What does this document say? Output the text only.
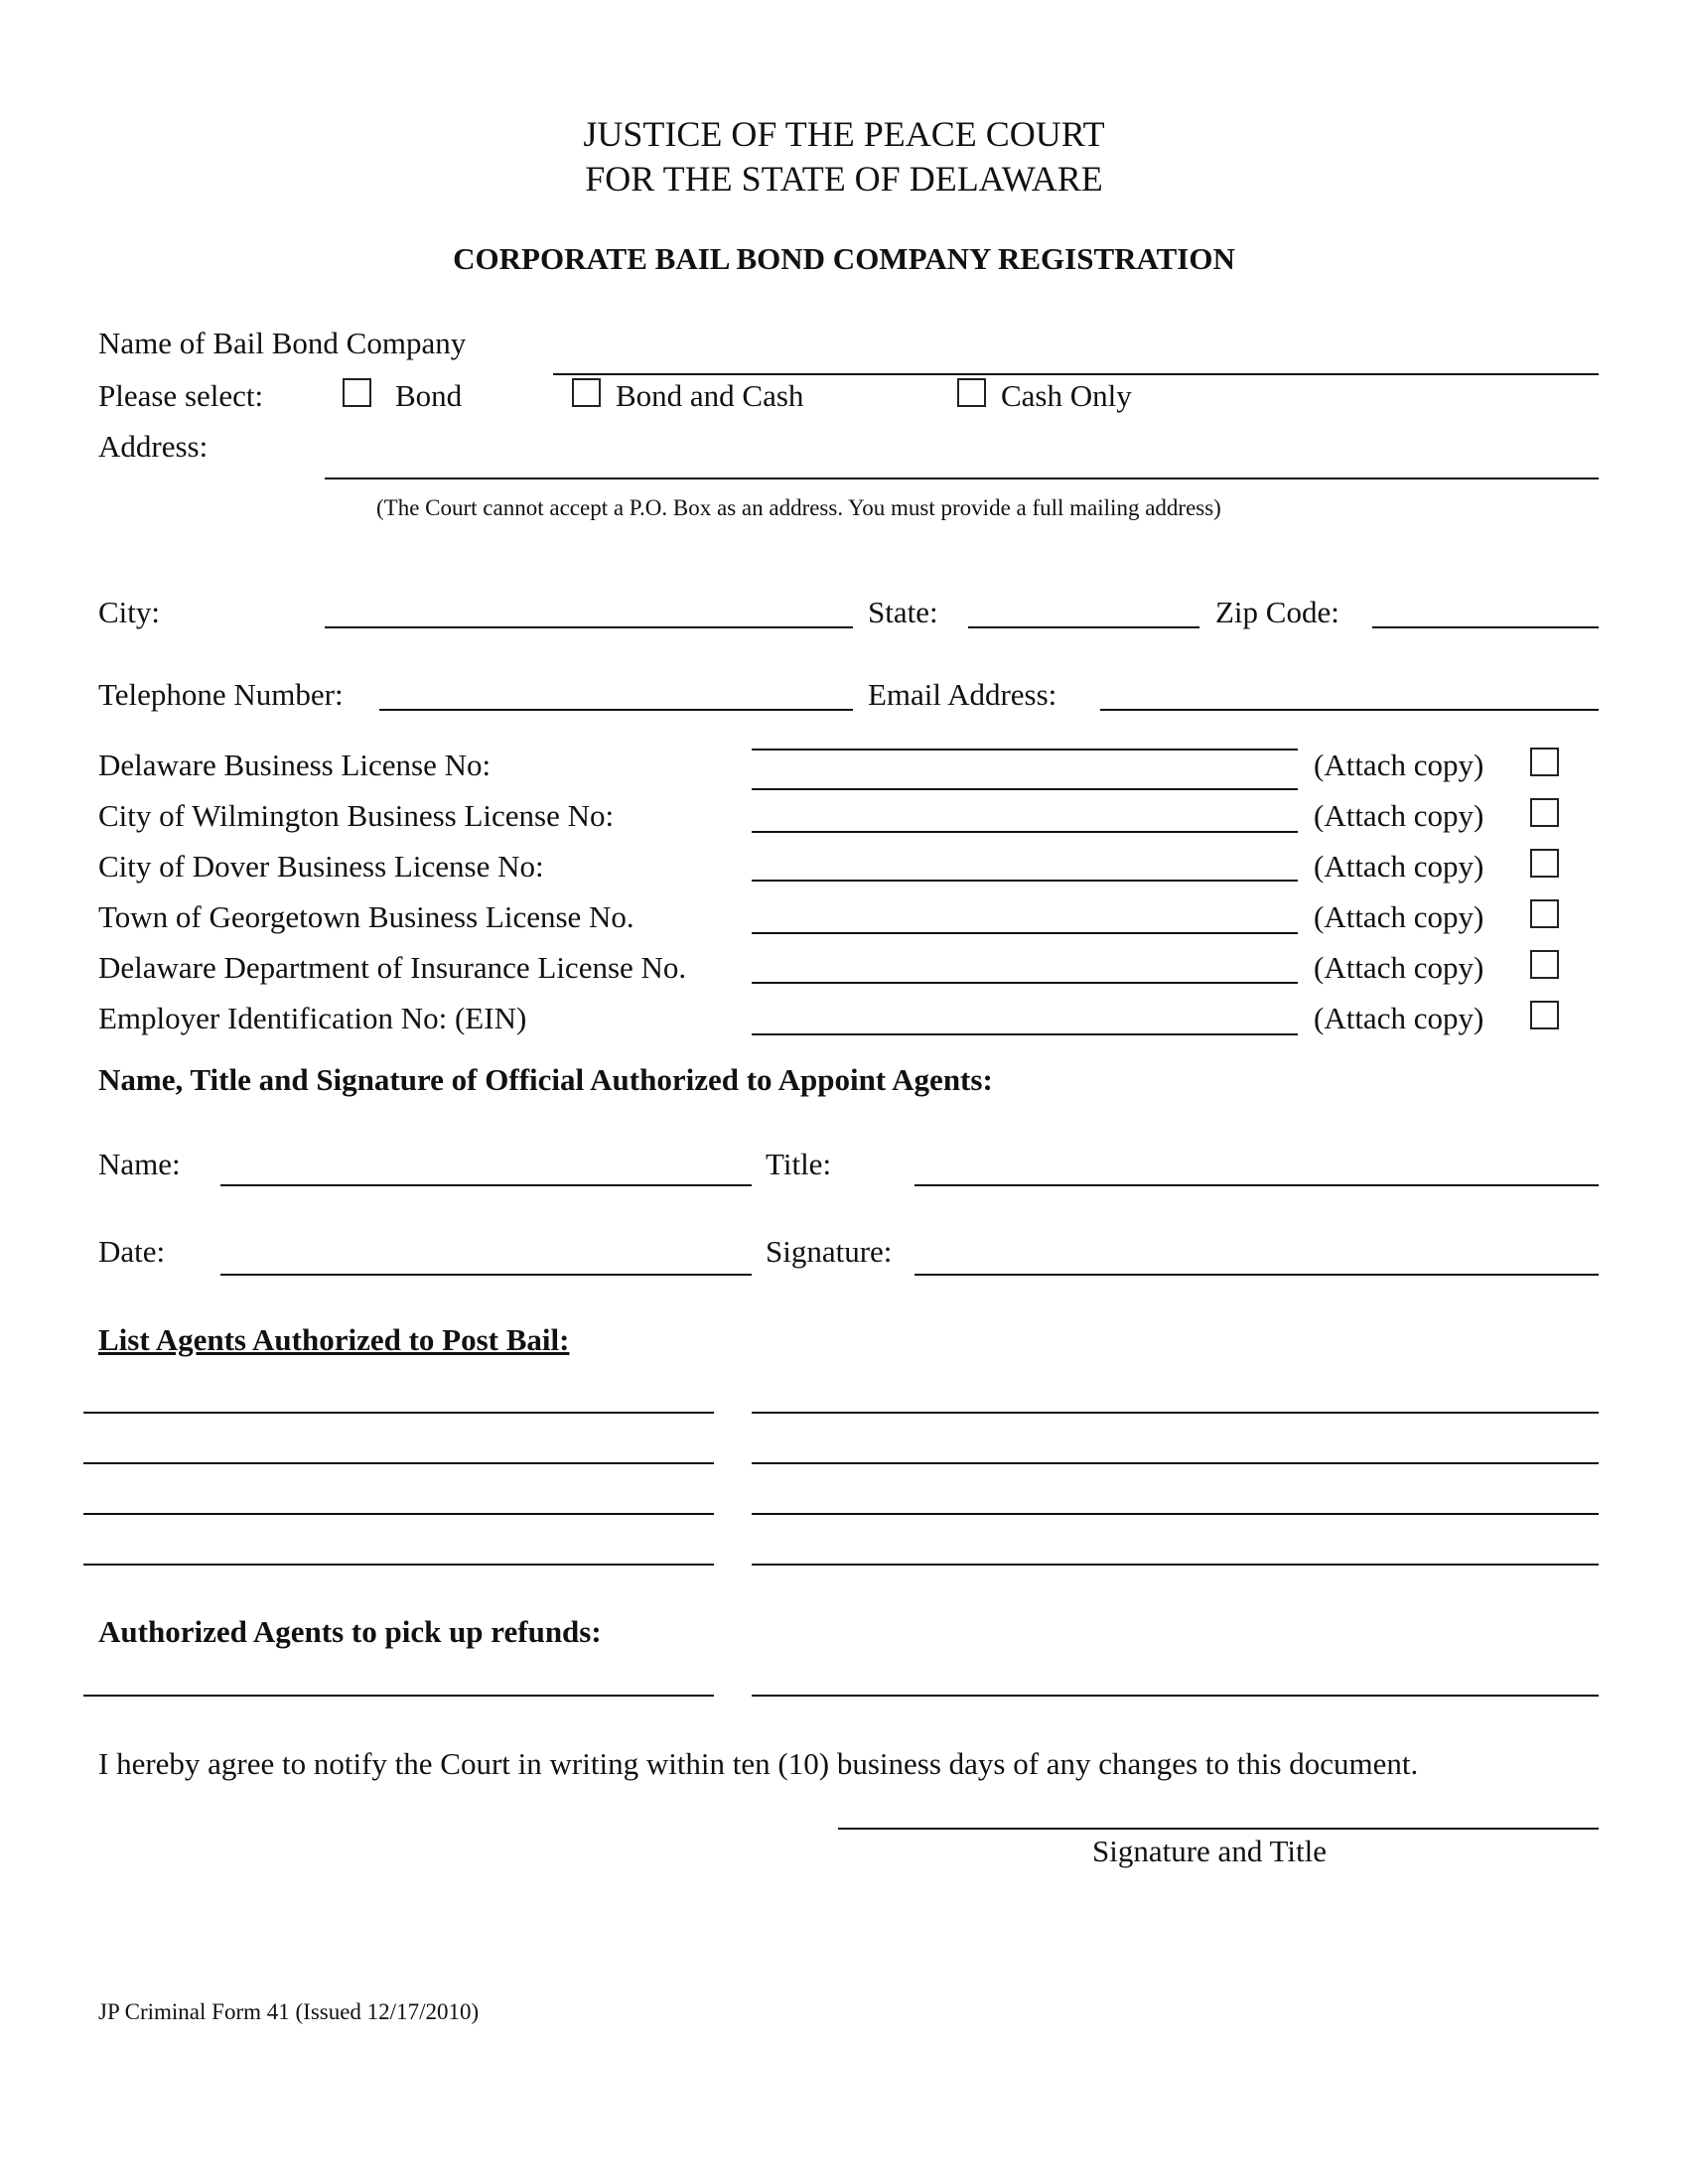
JUSTICE OF THE PEACE COURT
FOR THE STATE OF DELAWARE
CORPORATE BAIL BOND COMPANY REGISTRATION
Name of Bail Bond Company
Please select:	Bond	Bond and Cash	Cash Only
Address:
(The Court cannot accept a P.O. Box as an address. You must provide a full mailing address)
City:	State:	Zip Code:
Telephone Number:	Email Address:
Delaware Business License No:	(Attach copy)
City of Wilmington Business License No:	(Attach copy)
City of Dover Business License No:	(Attach copy)
Town of Georgetown Business License No.	(Attach copy)
Delaware Department of Insurance License No.	(Attach copy)
Employer Identification No: (EIN)	(Attach copy)
Name, Title and Signature of Official Authorized to Appoint Agents:
Name:	Title:
Date:	Signature:
List Agents Authorized to Post Bail:
Authorized Agents to pick up refunds:
I hereby agree to notify the Court in writing within ten (10) business days of any changes to this document.
Signature and Title
JP Criminal Form 41 (Issued 12/17/2010)
